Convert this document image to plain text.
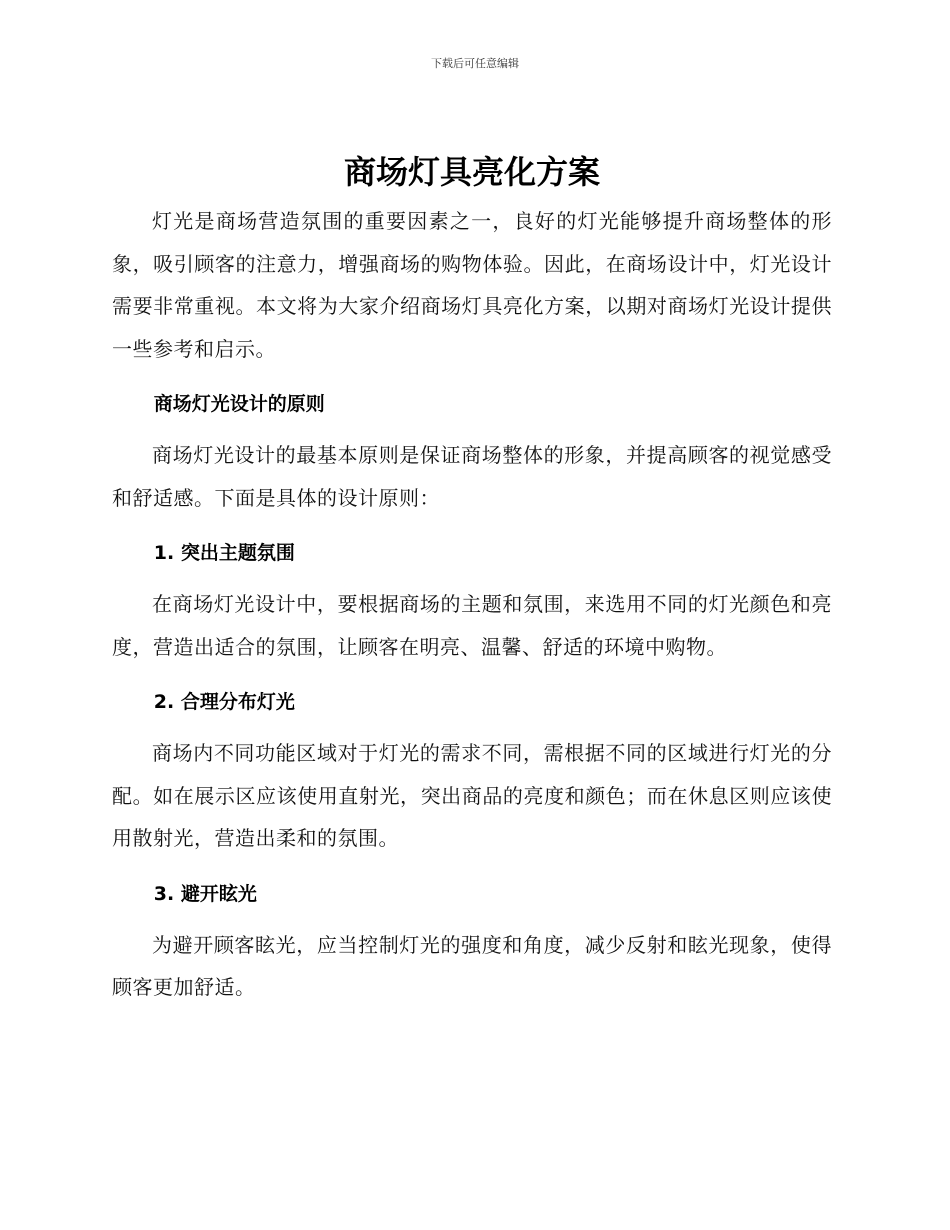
下载后可任意编辑
商场灯具亮化方案

灯光是商场营造氛围的重要因素之一，良好的灯光能够提升商场整体的形象，吸引顾客的注意力，增强商场的购物体验。因此，在商场设计中，灯光设计需要非常重视。本文将为大家介绍商场灯具亮化方案，以期对商场灯光设计提供一些参考和启示。

商场灯光设计的原则

商场灯光设计的最基本原则是保证商场整体的形象，并提高顾客的视觉感受和舒适感。下面是具体的设计原则：

1. 突出主题氛围

在商场灯光设计中，要根据商场的主题和氛围，来选用不同的灯光颜色和亮度，营造出适合的氛围，让顾客在明亮、温馨、舒适的环境中购物。

2. 合理分布灯光

商场内不同功能区域对于灯光的需求不同，需根据不同的区域进行灯光的分配。如在展示区应该使用直射光，突出商品的亮度和颜色；而在休息区则应该使用散射光，营造出柔和的氛围。

3. 避开眩光

为避开顾客眩光，应当控制灯光的强度和角度，减少反射和眩光现象，使得顾客更加舒适。
